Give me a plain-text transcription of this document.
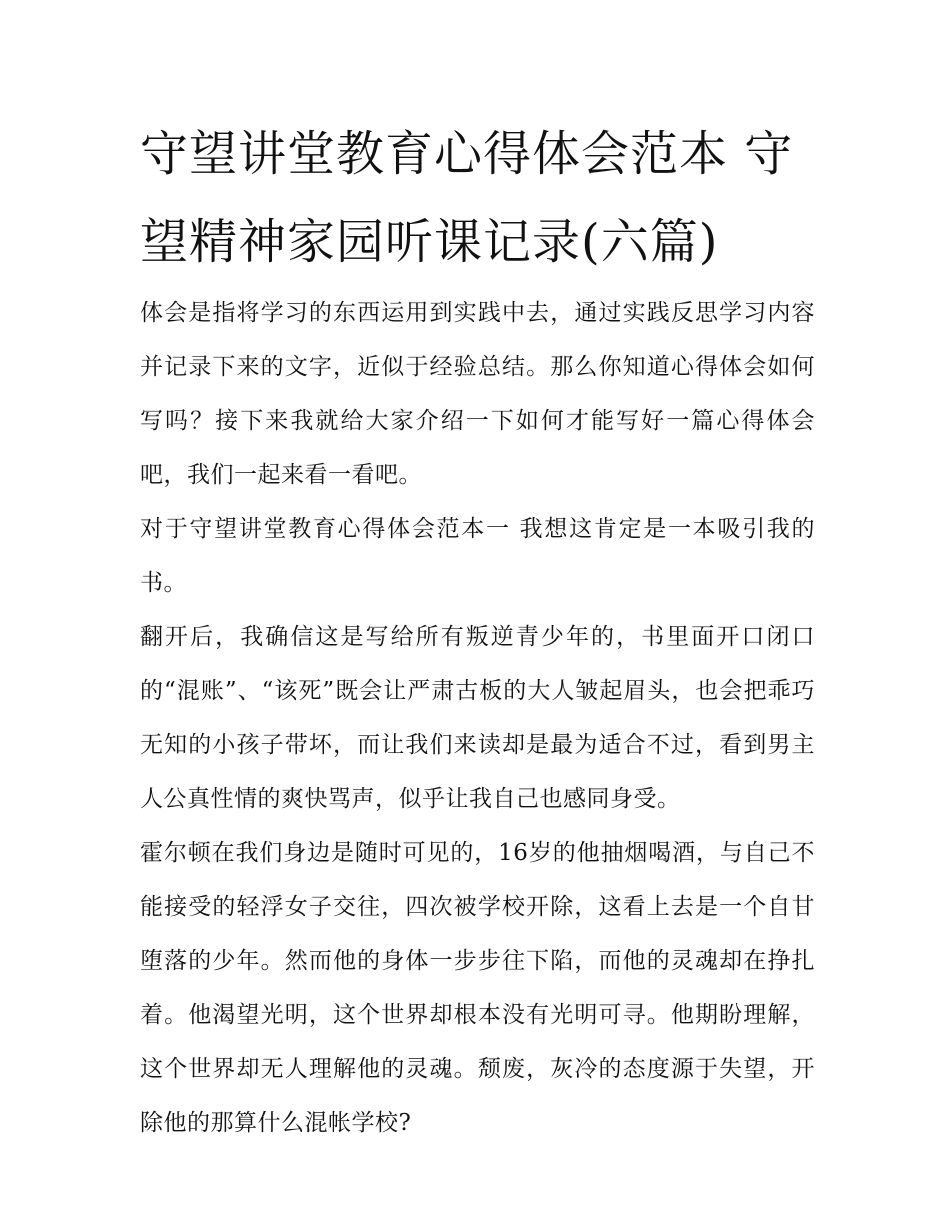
守望讲堂教育心得体会范本 守望精神家园听课记录(六篇)

体会是指将学习的东西运用到实践中去，通过实践反思学习内容并记录下来的文字，近似于经验总结。那么你知道心得体会如何写吗？接下来我就给大家介绍一下如何才能写好一篇心得体会吧，我们一起来看一看吧。

对于守望讲堂教育心得体会范本一 我想这肯定是一本吸引我的书。

翻开后，我确信这是写给所有叛逆青少年的，书里面开口闭口的“混账”、“该死”既会让严肃古板的大人皱起眉头，也会把乖巧无知的小孩子带坏，而让我们来读却是最为适合不过，看到男主人公真性情的爽快骂声，似乎让我自己也感同身受。

霍尔顿在我们身边是随时可见的，16岁的他抽烟喝酒，与自己不能接受的轻浮女子交往，四次被学校开除，这看上去是一个自甘堕落的少年。然而他的身体一步步往下陷，而他的灵魂却在挣扎着。他渴望光明，这个世界却根本没有光明可寻。他期盼理解，这个世界却无人理解他的灵魂。颓废，灰冷的态度源于失望，开除他的那算什么混帐学校?
